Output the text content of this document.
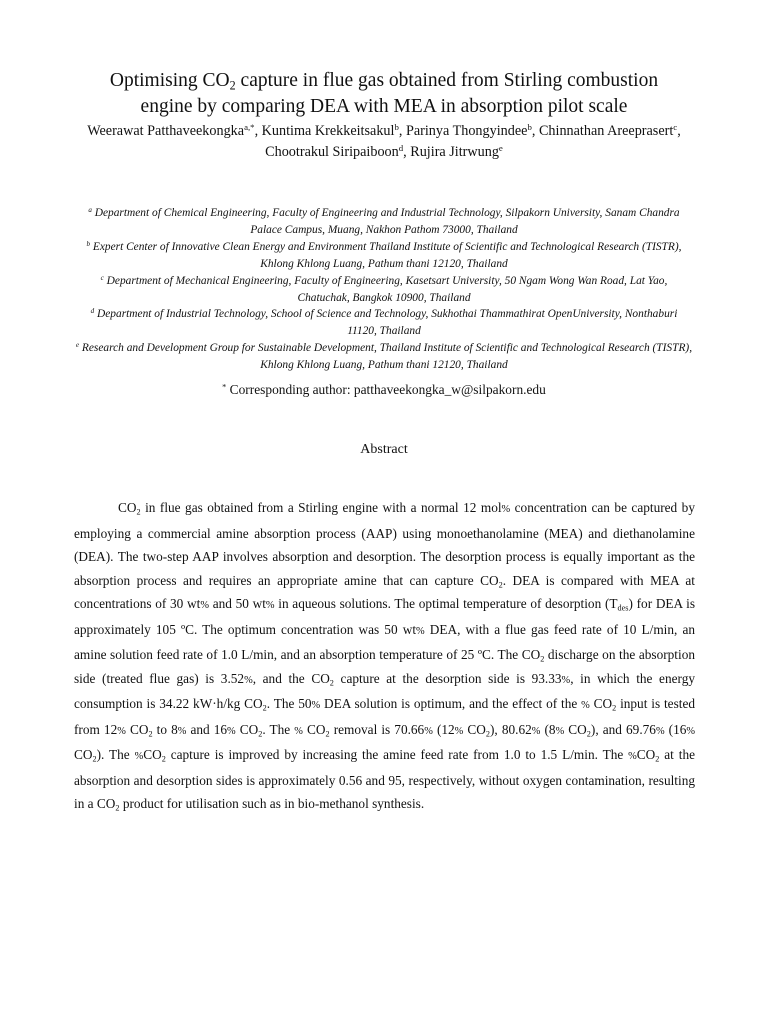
Optimising $CO_2$ capture in flue gas obtained from Stirling combustion
engine by comparing DEA with MEA in absorption pilot scale
Weerawat Patthaveekongka$^{a,*}$, Kuntima Krekkeitsakul$^b$, Parinya Thongyindee$^b$, Chinnathan Areeprasert$^c$,
Chootrakul Siripaiboon$^d$, Rujira Jitrwung$^e$

$^a$ Department of Chemical Engineering, Faculty of Engineering and Industrial Technology, Silpakorn University, Sanam Chandra Palace Campus, Muang, Nakhon Pathom 73000, Thailand

$^b$ Expert Center of Innovative Clean Energy and Environment Thailand Institute of Scientific and Technological Research (TISTR), Khlong Khlong Luang, Pathum thani 12120, Thailand

$^c$ Department of Mechanical Engineering, Faculty of Engineering, Kasetsart University, 50 Ngam Wong Wan Road, Lat Yao, Chatuchak, Bangkok 10900, Thailand

$^d$ Department of Industrial Technology, School of Science and Technology, Sukhothai Thammathirat OpenUniversity, Nonthaburi 11120, Thailand

$^e$ Research and Development Group for Sustainable Development, Thailand Institute of Scientific and Technological Research (TISTR), Khlong Khlong Luang, Pathum thani 12120, Thailand

* Corresponding author: patthaveekongka_w@silpakorn.edu
Abstract

$CO_2$ in flue gas obtained from a Stirling engine with a normal 12 mol% concentration can be captured by employing a commercial amine absorption process (AAP) using monoethanolamine (MEA) and diethanolamine (DEA). The two-step AAP involves absorption and desorption. The desorption process is equally important as the absorption process and requires an appropriate amine that can capture $CO_2$. DEA is compared with MEA at concentrations of 30 wt% and 50 wt% in aqueous solutions. The optimal temperature of desorption $(T_{des})$ for DEA is approximately 105 ºC. The optimum concentration was 50 wt% DEA, with a flue gas feed rate of 10 L/min, an amine solution feed rate of 1.0 L/min, and an absorption temperature of 25 ºC. The $CO_2$ discharge on the absorption side (treated flue gas) is 3.52%, and the $CO_2$ capture at the desorption side is 93.33%, in which the energy consumption is 34.22 kW·h/kg $CO_2$. The 50% DEA solution is optimum, and the effect of the % $CO_2$ input is tested from 12% $CO_2$ to 8% and 16% $CO_2$. The % $CO_2$ removal is 70.66% (12% $CO_2$), 80.62% (8% $CO_2$), and 69.76% (16% $CO_2$). The $\%CO_2$ capture is improved by increasing the amine feed rate from 1.0 to 1.5 L/min. The $\%CO_2$ at the absorption and desorption sides is approximately 0.56 and 95, respectively, without oxygen contamination, resulting in a $CO_2$ product for utilisation such as in bio-methanol synthesis.
